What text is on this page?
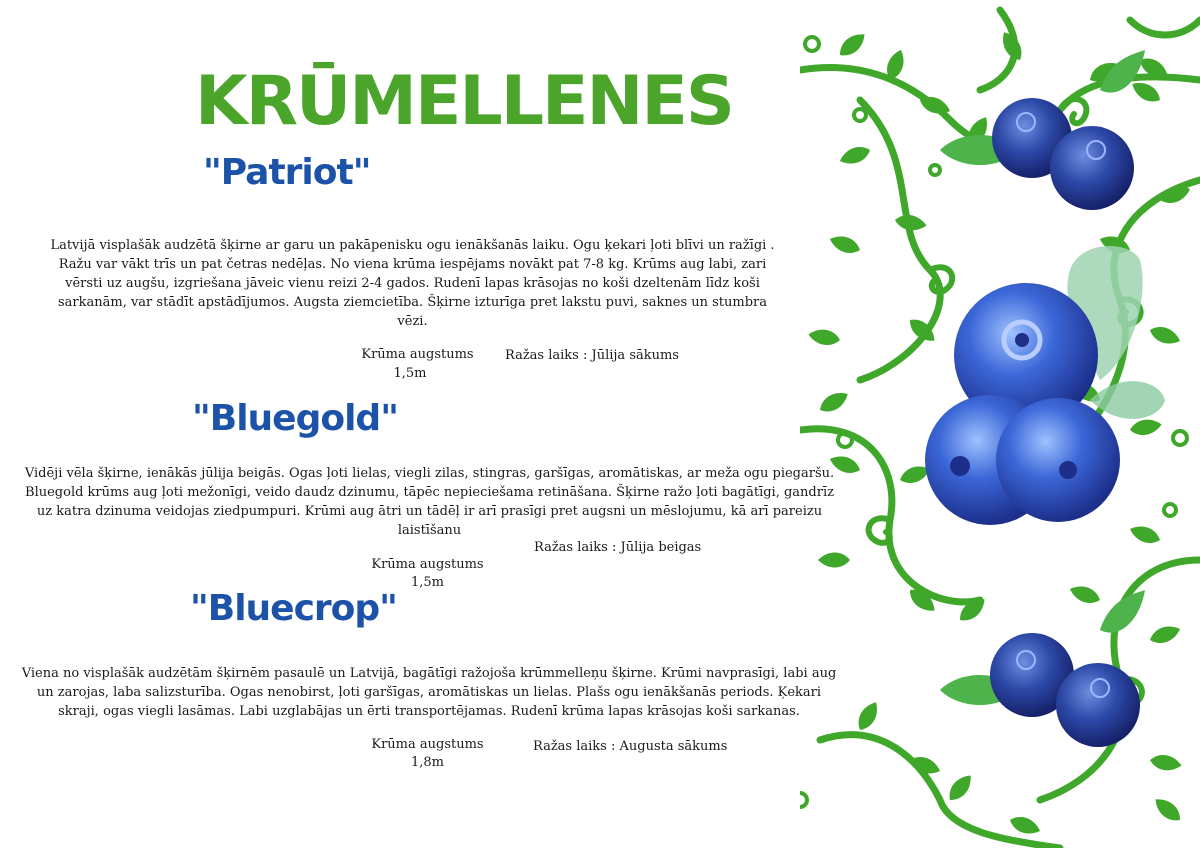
KRŪMELLENES
"Patriot"

Latvijā visplašāk audzētā šķirne ar garu un pakāpenisku ogu ienākšanās laiku. Ogu ķekari ļoti blīvi un ražīgi . Ražu var vākt trīs un pat četras nedēļas. No viena krūma iespējams novākt pat 7-8 kg. Krūms aug labi, zari vērsti uz augšu, izgriešana jāveic vienu reizi 2-4 gados. Rudenī lapas krāsojas no koši dzeltenām līdz koši sarkanām, var stādīt apstādījumos. Augsta ziemcietība. Šķirne izturīga pret lakstu puvi, saknes un stumbra vēzi.

Krūma augstums

1,5m

Ražas laiks : Jūlija sākums

"Bluegold"

Vidēji vēla šķirne, ienākās jūlija beigās. Ogas ļoti lielas, viegli zilas, stingras, garšīgas, aromātiskas, ar meža ogu piegaršu. Bluegold krūms aug ļoti mežonīgi, veido daudz dzinumu, tāpēc nepieciešama retināšana. Šķirne ražo ļoti bagātīgi, gandrīz uz katra dzinuma veidojas ziedpumpuri. Krūmi aug ātri un tādēļ ir arī prasīgi pret augsni un mēslojumu, kā arī pareizu laistīšanu

Ražas laiks : Jūlija beigas

Krūma augstums

1,5m

"Bluecrop"

Viena no visplašāk audzētām šķirnēm pasaulē un Latvijā, bagātīgi ražojoša krūmmelleņu šķirne. Krūmi navprasīgi, labi aug un zarojas, laba salizsturība. Ogas nenobirst, ļoti garšīgas, aromātiskas un lielas. Plašs ogu ienākšanās periods. Ķekari skraji, ogas viegli lasāmas. Labi uzglabājas un ērti transportējamas. Rudenī krūma lapas krāsojas koši sarkanas.

Krūma augstums

1,8m

Ražas laiks : Augusta sākums
